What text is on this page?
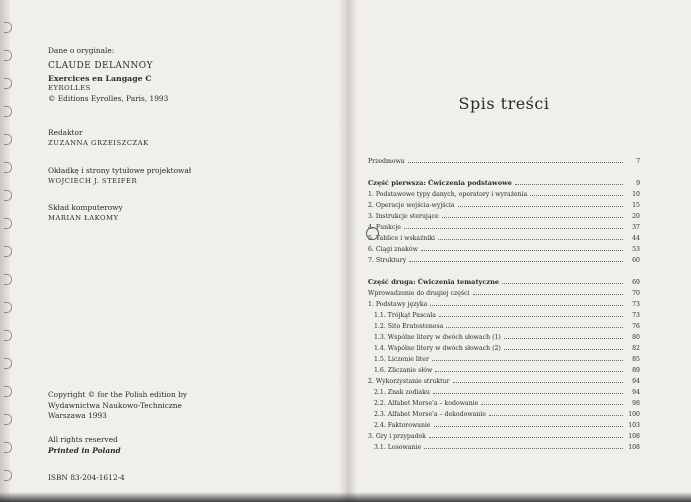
Dane o oryginale:
CLAUDE DELANNOY
Exercices en Langage C
EYROLLES
© Editions Eyrolles, Paris, 1993
Redaktor
ZUZANNA GRZEISZCZAK
Okładkę i strony tytułowe projektował
WOJCIECH J. STEIFER
Skład komputerowy
MARIAN ŁAKOMY
Copyright © for the Polish edition by
Wydawnictwa Naukowo-Techniczne
Warszawa 1993
All rights reserved
Printed in Poland
ISBN 83-204-1612-4
Spis treści
Przedmowa	7
Część pierwsza: Ćwiczenia podstawowe	9
1. Podstawowe typy danych, operatory i wyrażenia	10
2. Operacje wejścia-wyjścia	15
3. Instrukcje sterujące	20
4. Funkcje	37
5. Tablice i wskaźniki	44
6. Ciągi znaków	53
7. Struktury	60
Część druga: Ćwiczenia tematyczne	69
Wprowadzenie do drugiej części	70
1. Podstawy języka	73
1.1. Trójkąt Pascala	73
1.2. Sito Eratostenesa	76
1.3. Wspólne litery w dwóch słowach (1)	80
1.4. Wspólne litery w dwóch słowach (2)	82
1.5. Liczenie liter	85
1.6. Zliczanie słów	89
2. Wykorzystanie struktur	94
2.1. Znak zodiaku	94
2.2. Alfabet Morse'a – kodowanie	98
2.3. Alfabet Morse'a – dekodowanie	100
2.4. Faktorowanie	103
3. Gry i przypadek	108
3.1. Losowanie	108
